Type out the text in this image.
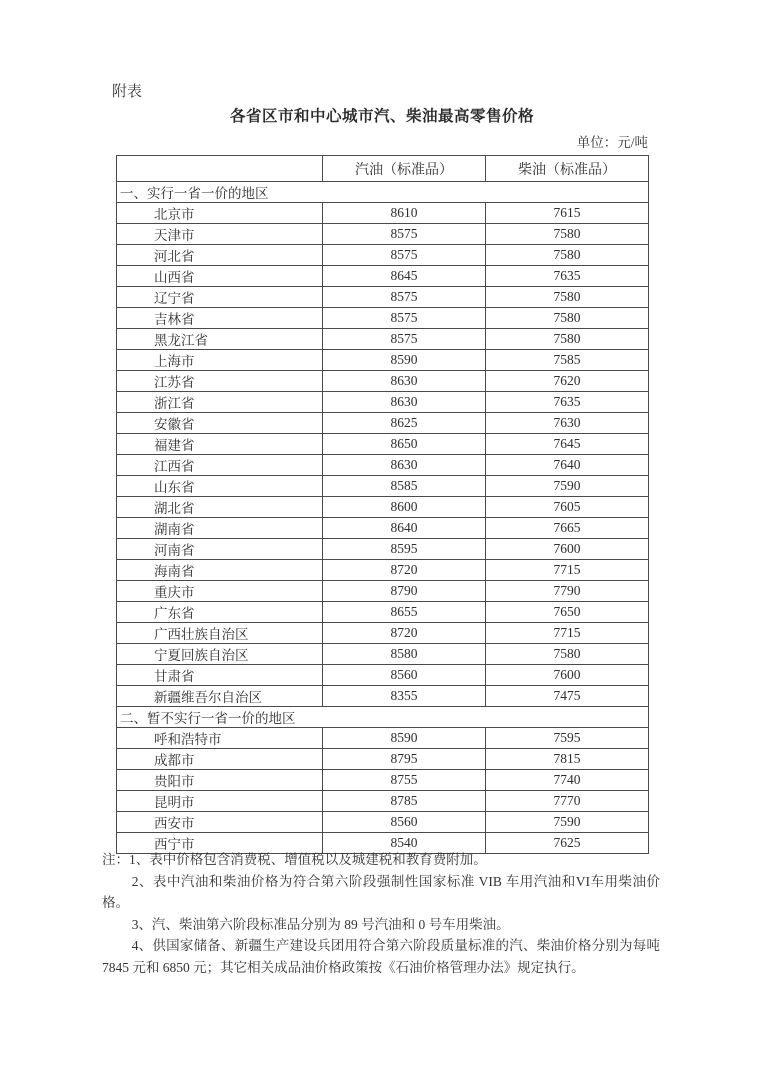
附表
各省区市和中心城市汽、柴油最高零售价格
单位：元/吨
	汽油（标准品）	柴油（标准品）
一、实行一省一价的地区		
北京市	8610	7615
天津市	8575	7580
河北省	8575	7580
山西省	8645	7635
辽宁省	8575	7580
吉林省	8575	7580
黑龙江省	8575	7580
上海市	8590	7585
江苏省	8630	7620
浙江省	8630	7635
安徽省	8625	7630
福建省	8650	7645
江西省	8630	7640
山东省	8585	7590
湖北省	8600	7605
湖南省	8640	7665
河南省	8595	7600
海南省	8720	7715
重庆市	8790	7790
广东省	8655	7650
广西壮族自治区	8720	7715
宁夏回族自治区	8580	7580
甘肃省	8560	7600
新疆维吾尔自治区	8355	7475
二、暂不实行一省一价的地区		
呼和浩特市	8590	7595
成都市	8795	7815
贵阳市	8755	7740
昆明市	8785	7770
西安市	8560	7590
西宁市	8540	7625

注：1、表中价格包含消费税、增值税以及城建税和教育费附加。

2、表中汽油和柴油价格为符合第六阶段强制性国家标准 VIB 车用汽油和VI车用柴油价格。

3、汽、柴油第六阶段标准品分别为 89 号汽油和 0 号车用柴油。

4、供国家储备、新疆生产建设兵团用符合第六阶段质量标准的汽、柴油价格分别为每吨 7845 元和 6850 元；其它相关成品油价格政策按《石油价格管理办法》规定执行。
